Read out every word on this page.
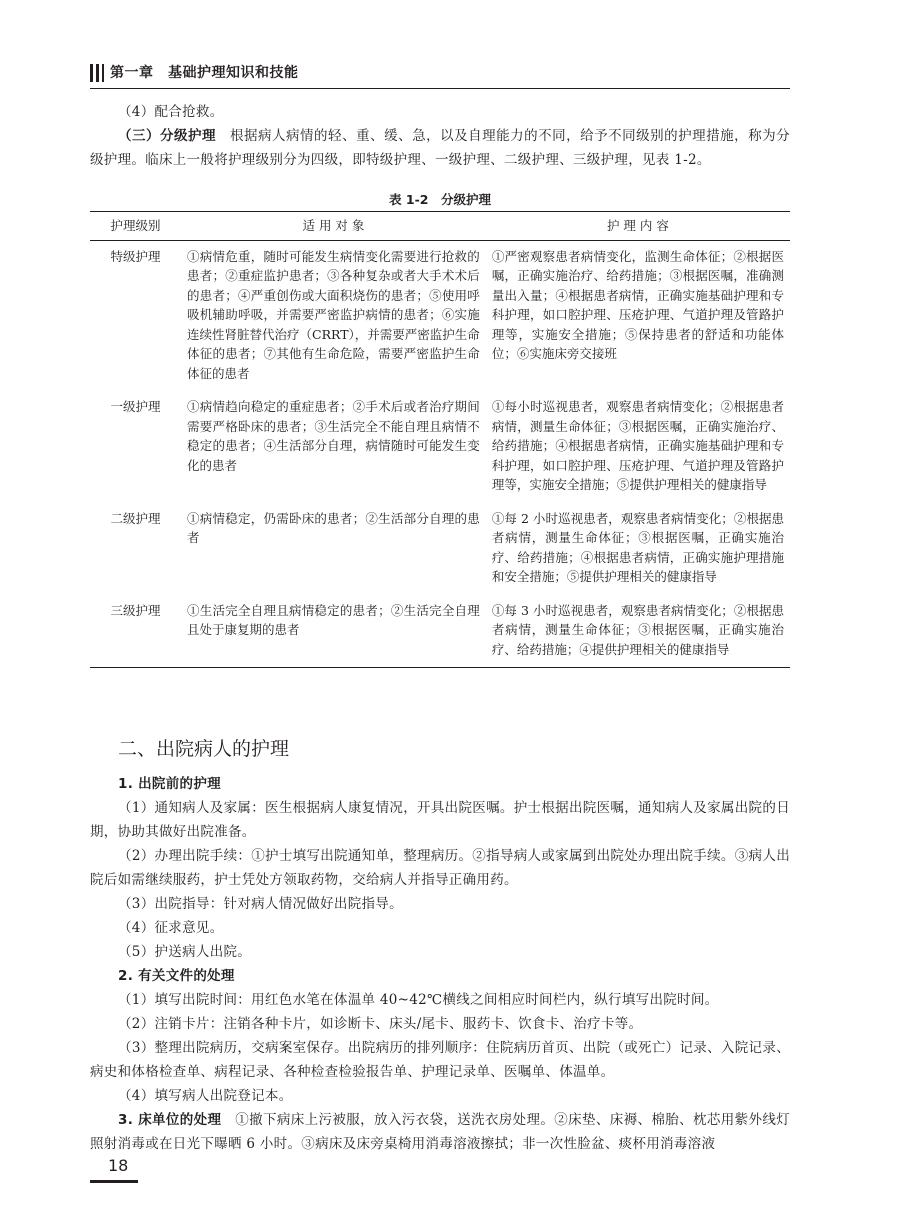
第一章　基础护理知识和技能

（4）配合抢救。

（三）分级护理　根据病人病情的轻、重、缓、急，以及自理能力的不同，给予不同级别的护理措施，称为分级护理。临床上一般将护理级别分为四级，即特级护理、一级护理、二级护理、三级护理，见表 1-2。

表 1-2　分级护理
护理级别	适 用 对 象	护 理 内 容
特级护理	①病情危重，随时可能发生病情变化需要进行抢救的患者；②重症监护患者；③各种复杂或者大手术术后的患者；④严重创伤或大面积烧伤的患者；⑤使用呼吸机辅助呼吸，并需要严密监护病情的患者；⑥实施连续性肾脏替代治疗（CRRT），并需要严密监护生命体征的患者；⑦其他有生命危险，需要严密监护生命体征的患者	①严密观察患者病情变化，监测生命体征；②根据医嘱，正确实施治疗、给药措施；③根据医嘱，准确测量出入量；④根据患者病情，正确实施基础护理和专科护理，如口腔护理、压疮护理、气道护理及管路护理等，实施安全措施；⑤保持患者的舒适和功能体位；⑥实施床旁交接班
一级护理	①病情趋向稳定的重症患者；②手术后或者治疗期间需要严格卧床的患者；③生活完全不能自理且病情不稳定的患者；④生活部分自理，病情随时可能发生变化的患者	①每小时巡视患者，观察患者病情变化；②根据患者病情，测量生命体征；③根据医嘱，正确实施治疗、给药措施；④根据患者病情，正确实施基础护理和专科护理，如口腔护理、压疮护理、气道护理及管路护理等，实施安全措施；⑤提供护理相关的健康指导
二级护理	①病情稳定，仍需卧床的患者；②生活部分自理的患者	①每 2 小时巡视患者，观察患者病情变化；②根据患者病情，测量生命体征；③根据医嘱，正确实施治疗、给药措施；④根据患者病情，正确实施护理措施和安全措施；⑤提供护理相关的健康指导
三级护理	①生活完全自理且病情稳定的患者；②生活完全自理且处于康复期的患者	①每 3 小时巡视患者，观察患者病情变化；②根据患者病情，测量生命体征；③根据医嘱，正确实施治疗、给药措施；④提供护理相关的健康指导
二、出院病人的护理

1. 出院前的护理

（1）通知病人及家属：医生根据病人康复情况，开具出院医嘱。护士根据出院医嘱，通知病人及家属出院的日期，协助其做好出院准备。

（2）办理出院手续：①护士填写出院通知单，整理病历。②指导病人或家属到出院处办理出院手续。③病人出院后如需继续服药，护士凭处方领取药物，交给病人并指导正确用药。

（3）出院指导：针对病人情况做好出院指导。

（4）征求意见。

（5）护送病人出院。

2. 有关文件的处理

（1）填写出院时间：用红色水笔在体温单 40~42℃横线之间相应时间栏内，纵行填写出院时间。

（2）注销卡片：注销各种卡片，如诊断卡、床头/尾卡、服药卡、饮食卡、治疗卡等。

（3）整理出院病历，交病案室保存。出院病历的排列顺序：住院病历首页、出院（或死亡）记录、入院记录、病史和体格检查单、病程记录、各种检查检验报告单、护理记录单、医嘱单、体温单。

（4）填写病人出院登记本。

3. 床单位的处理　①撤下病床上污被服，放入污衣袋，送洗衣房处理。②床垫、床褥、棉胎、枕芯用紫外线灯照射消毒或在日光下曝晒 6 小时。③病床及床旁桌椅用消毒溶液擦拭；非一次性脸盆、痰杯用消毒溶液

18
